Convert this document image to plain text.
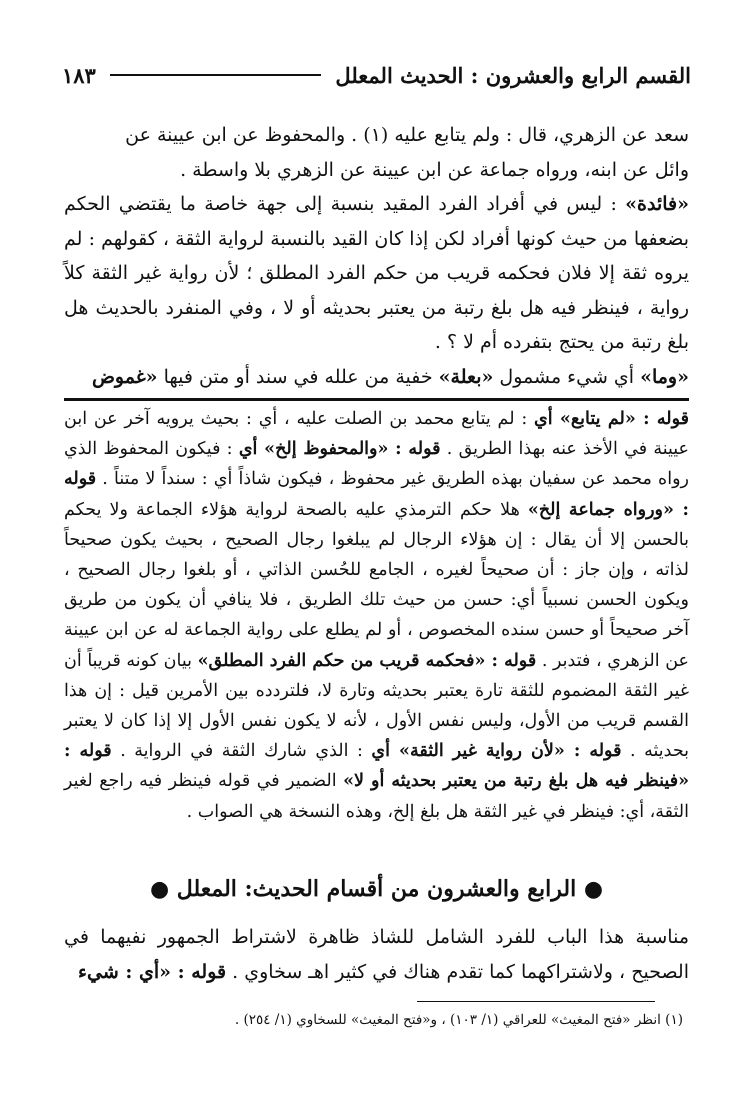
القسم الرابع والعشرون : الحديث المعلل
١٨٣

سعد عن الزهري، قال : ولم يتابع عليه (١) . والمحفوظ عن ابن عيينة عن

وائل عن ابنه، ورواه جماعة عن ابن عيينة عن الزهري بلا واسطة .

«فائدة» : ليس في أفراد الفرد المقيد بنسبة إلى جهة خاصة ما يقتضي الحكم بضعفها من حيث كونها أفراد لكن إذا كان القيد بالنسبة لرواية الثقة ، كقولهم : لم يروه ثقة إلا فلان فحكمه قريب من حكم الفرد المطلق ؛ لأن رواية غير الثقة كلاً رواية ، فينظر فيه هل بلغ رتبة من يعتبر بحديثه أو لا ، وفي المنفرد بالحديث هل بلغ رتبة من يحتج بتفرده أم لا ؟ .

«وما» أي شيء مشمول «بعلة» خفية من علله في سند أو متن فيها «غموض

قوله : «لم يتابع» أي : لم يتابع محمد بن الصلت عليه ، أي : بحيث يرويه آخر عن ابن عيينة في الأخذ عنه بهذا الطريق . قوله : «والمحفوظ إلخ» أي : فيكون المحفوظ الذي رواه محمد عن سفيان بهذه الطريق غير محفوظ ، فيكون شاذاً أي : سنداً لا متناً . قوله : «ورواه جماعة إلخ» هلا حكم الترمذي عليه بالصحة لرواية هؤلاء الجماعة ولا يحكم بالحسن إلا أن يقال : إن هؤلاء الرجال لم يبلغوا رجال الصحيح ، بحيث يكون صحيحاً لذاته ، وإن جاز : أن صحيحاً لغيره ، الجامع للحُسن الذاتي ، أو بلغوا رجال الصحيح ، ويكون الحسن نسبياً أي: حسن من حيث تلك الطريق ، فلا ينافي أن يكون من طريق آخر صحيحاً أو حسن سنده المخصوص ، أو لم يطلع على رواية الجماعة له عن ابن عيينة عن الزهري ، فتدبر . قوله : «فحكمه قريب من حكم الفرد المطلق» بيان كونه قريباً أن غير الثقة المضموم للثقة تارة يعتبر بحديثه وتارة لا، فلتردده بين الأمرين قيل : إن هذا القسم قريب من الأول، وليس نفس الأول ، لأنه لا يكون نفس الأول إلا إذا كان لا يعتبر بحديثه . قوله : «لأن رواية غير الثقة» أي : الذي شارك الثقة في الرواية . قوله : «فينظر فيه هل بلغ رتبة من يعتبر بحديثه أو لا» الضمير في قوله فينظر فيه راجع لغير الثقة، أي: فينظر في غير الثقة هل بلغ إلخ، وهذه النسخة هي الصواب .

● الرابع والعشرون من أقسام الحديث: المعلل ●

مناسبة هذا الباب للفرد الشامل للشاذ ظاهرة لاشتراط الجمهور نفيهما في الصحيح ، ولاشتراكهما كما تقدم هناك في كثير اهـ سخاوي . قوله : «أي : شيء

(١) انظر «فتح المغيث» للعراقي (١/ ١٠٣) ، و«فتح المغيث» للسخاوي (١/ ٢٥٤) .
